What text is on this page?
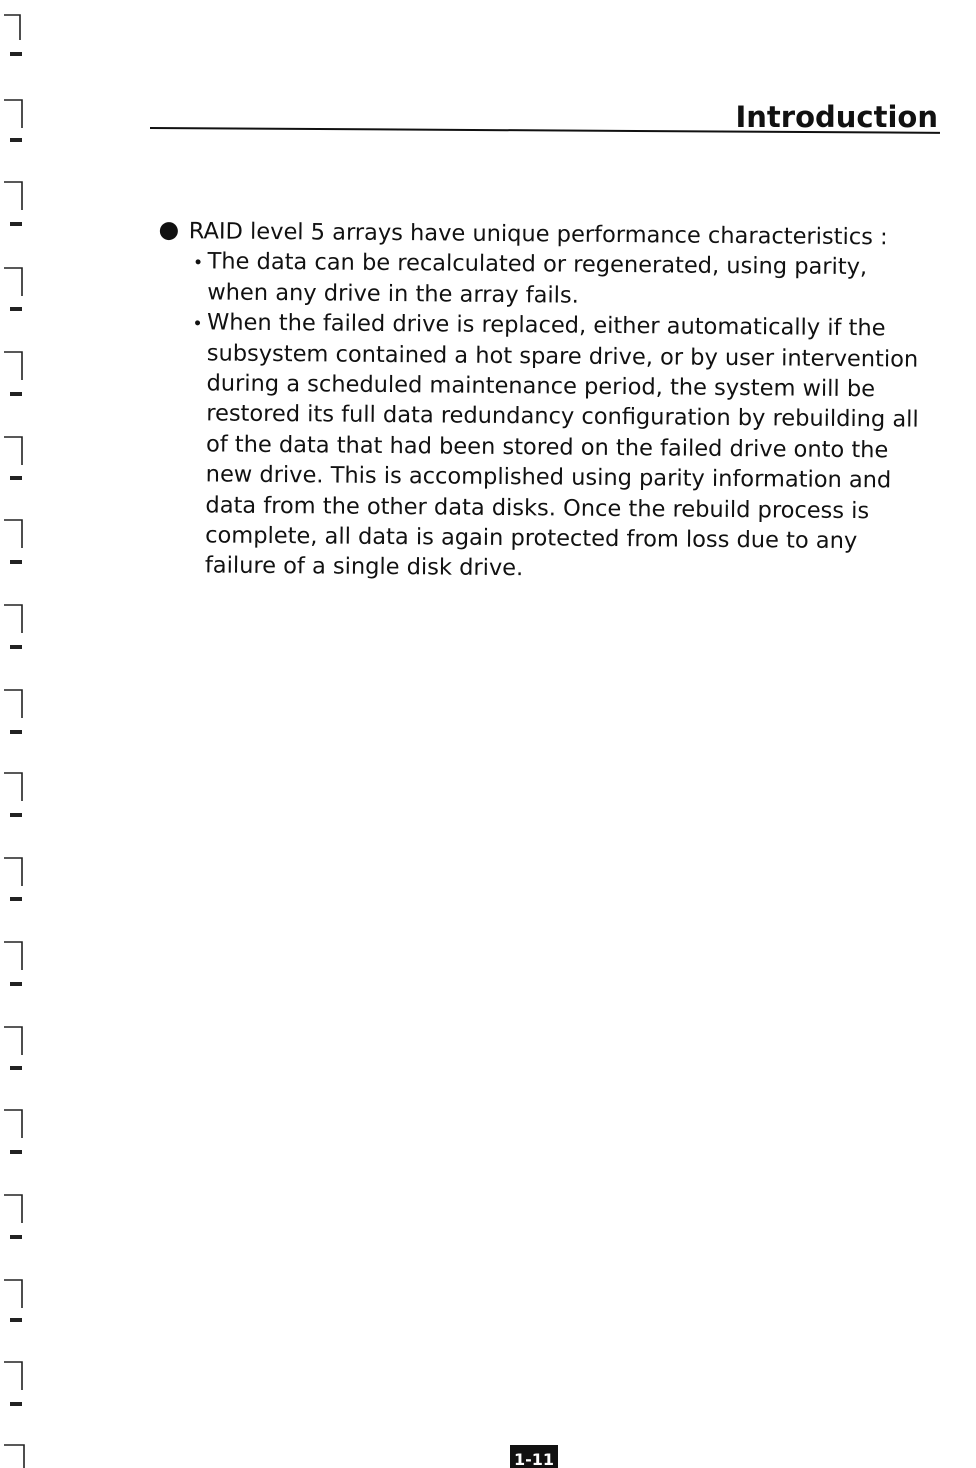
Introduction
RAID level 5 arrays have unique performance characteristics :
The data can be recalculated or regenerated, using parity,
when any drive in the array fails.
When the failed drive is replaced, either automatically if the
subsystem contained a hot spare drive, or by user intervention
during a scheduled maintenance period, the system will be
restored its full data redundancy configuration by rebuilding all
of the data that had been stored on the failed drive onto the
new drive. This is accomplished using parity information and
data from the other data disks. Once the rebuild process is
complete, all data is again protected from loss due to any
failure of a single disk drive.
1-11
